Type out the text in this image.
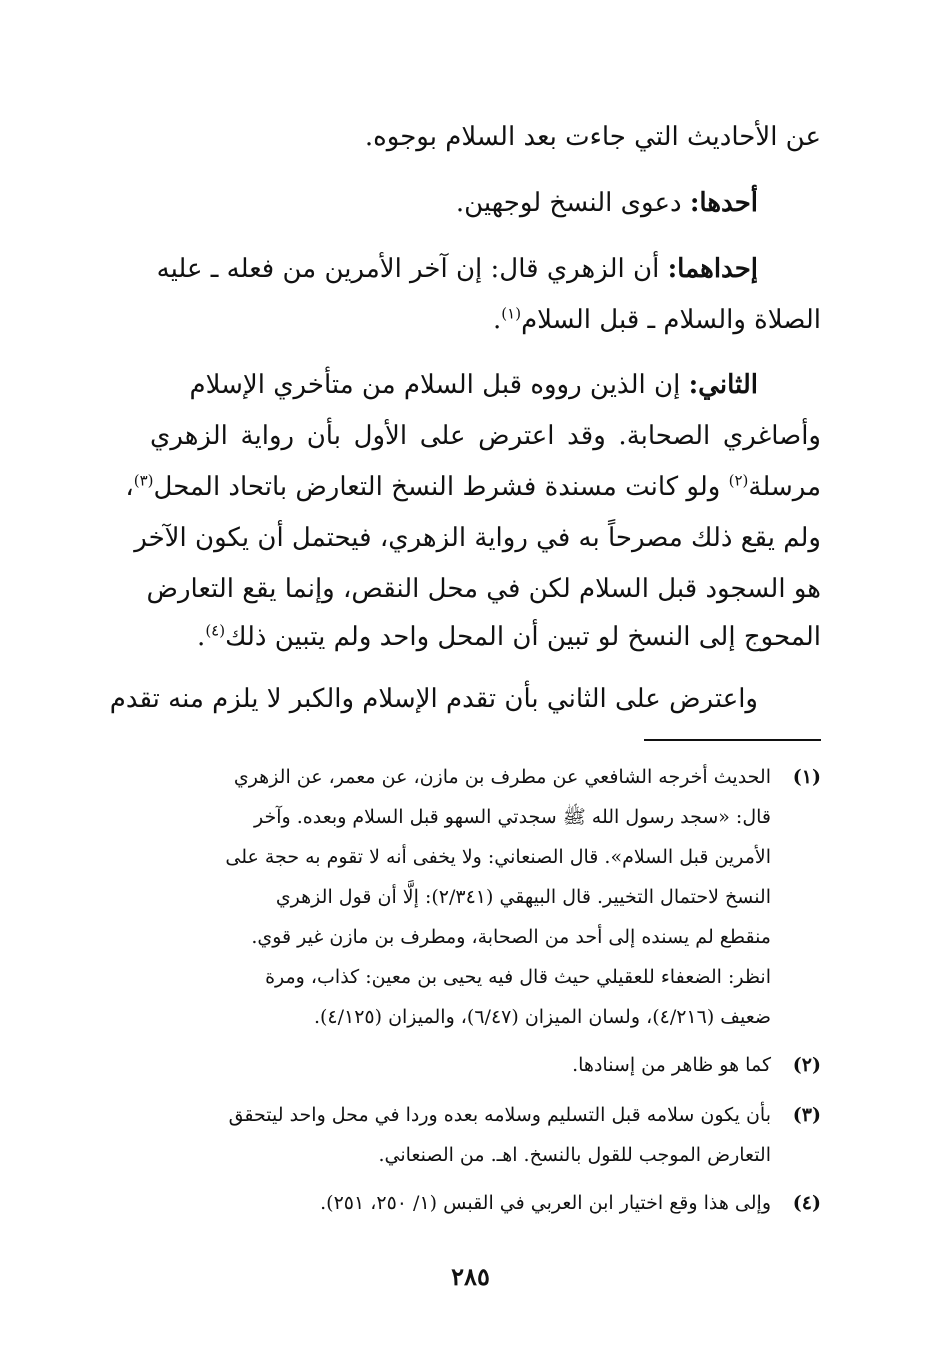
عن الأحاديث التي جاءت بعد السلام بوجوه.
أحدها: دعوى النسخ لوجهين.
إحداهما: أن الزهري قال: إن آخر الأمرين من فعله ـ عليه
الصلاة والسلام ـ قبل السلام$^{(١)}$.
الثاني: إن الذين رووه قبل السلام من متأخري الإسلام
وأصاغري الصحابة. وقد اعترض على الأول بأن رواية الزهري
مرسلة$^{(٢)}$ ولو كانت مسندة فشرط النسخ التعارض باتحاد المحل$^{(٣)}$،
ولم يقع ذلك مصرحاً به في رواية الزهري، فيحتمل أن يكون الآخر
هو السجود قبل السلام لكن في محل النقص، وإنما يقع التعارض
المحوج إلى النسخ لو تبين أن المحل واحد ولم يتبين ذلك$^{(٤)}$.
واعترض على الثاني بأن تقدم الإسلام والكبر لا يلزم منه تقدم
(١)
الحديث أخرجه الشافعي عن مطرف بن مازن، عن معمر، عن الزهري
قال: «سجد رسول الله ﷺ سجدتي السهو قبل السلام وبعده. وآخر
الأمرين قبل السلام». قال الصنعاني: ولا يخفى أنه لا تقوم به حجة على
النسخ لاحتمال التخيير. قال البيهقي (٢/٣٤١): إلَّا أن قول الزهري
منقطع لم يسنده إلى أحد من الصحابة، ومطرف بن مازن غير قوي.
انظر: الضعفاء للعقيلي حيث قال فيه يحيى بن معين: كذاب، ومرة
ضعيف (٤/٢١٦)، ولسان الميزان (٦/٤٧)، والميزان (٤/١٢٥).
(٢)
كما هو ظاهر من إسنادها.
(٣)
بأن يكون سلامه قبل التسليم وسلامه بعده وردا في محل واحد ليتحقق
التعارض الموجب للقول بالنسخ. اهـ. من الصنعاني.
(٤)
وإلى هذا وقع اختيار ابن العربي في القبس (١/ ٢٥٠، ٢٥١).
٢٨٥
